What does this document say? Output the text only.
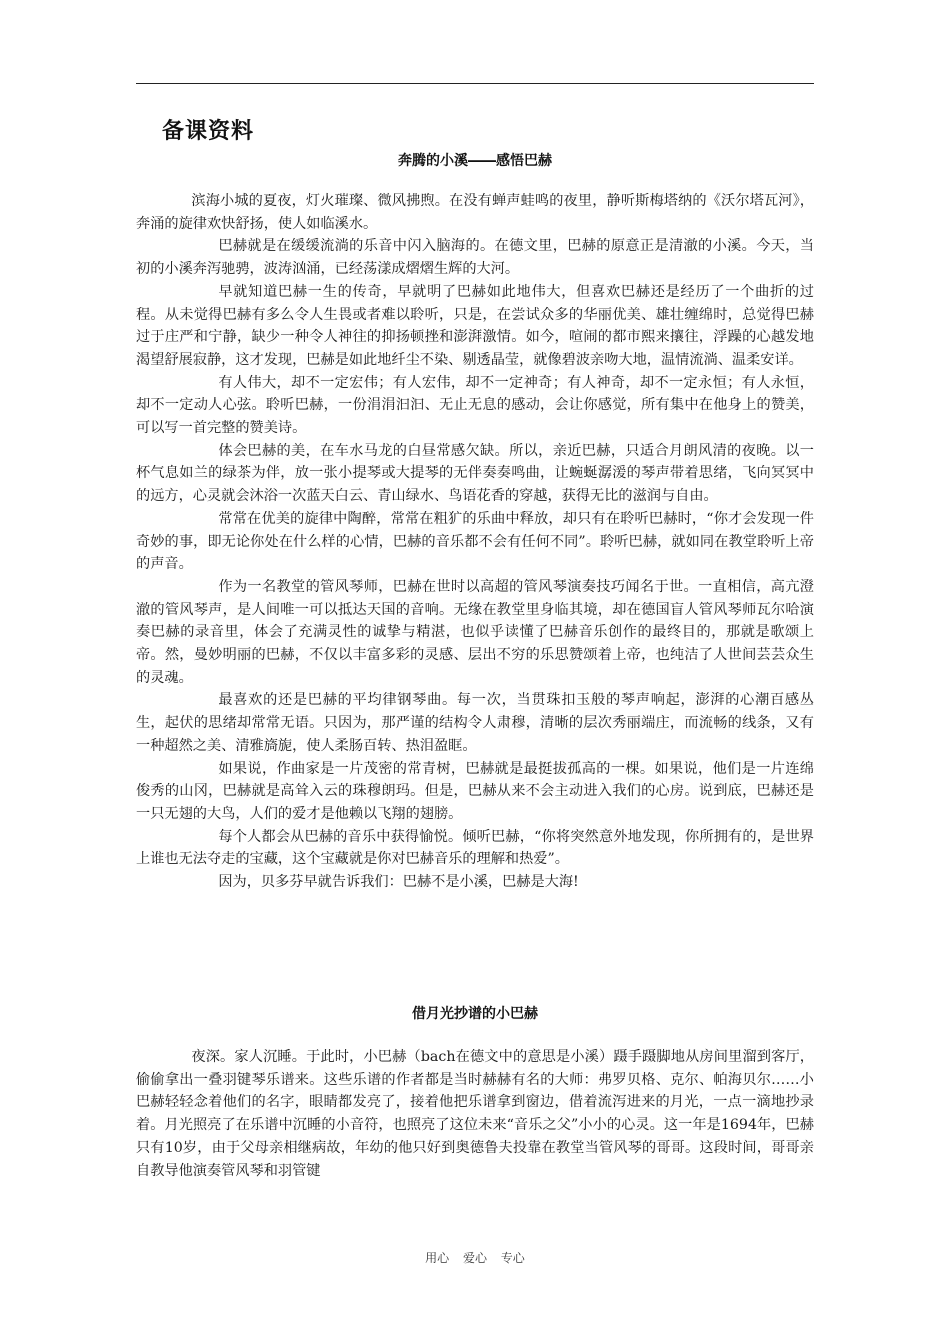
备课资料
奔腾的小溪――感悟巴赫

滨海小城的夏夜，灯火璀璨、微风拂煦。在没有蝉声蛙鸣的夜里，静听斯梅塔纳的《沃尔塔瓦河》，奔涌的旋律欢快舒扬，使人如临溪水。

巴赫就是在缓缓流淌的乐音中闪入脑海的。在德文里，巴赫的原意正是清澈的小溪。今天，当初的小溪奔泻驰骋，波涛汹涌，已经荡漾成熠熠生辉的大河。

早就知道巴赫一生的传奇，早就明了巴赫如此地伟大，但喜欢巴赫还是经历了一个曲折的过程。从未觉得巴赫有多么令人生畏或者难以聆听，只是，在尝试众多的华丽优美、雄壮缠绵时，总觉得巴赫过于庄严和宁静，缺少一种令人神往的抑扬顿挫和澎湃激情。如今，喧闹的都市熙来攘往，浮躁的心越发地渴望舒展寂静，这才发现，巴赫是如此地纤尘不染、剔透晶莹，就像碧波亲吻大地，温情流淌、温柔安详。

有人伟大，却不一定宏伟；有人宏伟，却不一定神奇；有人神奇，却不一定永恒；有人永恒，却不一定动人心弦。聆听巴赫，一份涓涓汩汩、无止无息的感动，会让你感觉，所有集中在他身上的赞美，可以写一首完整的赞美诗。

体会巴赫的美，在车水马龙的白昼常感欠缺。所以，亲近巴赫，只适合月朗风清的夜晚。以一杯气息如兰的绿茶为伴，放一张小提琴或大提琴的无伴奏奏鸣曲，让蜿蜒潺湲的琴声带着思绪，飞向冥冥中的远方，心灵就会沐浴一次蓝天白云、青山绿水、鸟语花香的穿越，获得无比的滋润与自由。

常常在优美的旋律中陶醉，常常在粗犷的乐曲中释放，却只有在聆听巴赫时，“你才会发现一件奇妙的事，即无论你处在什么样的心情，巴赫的音乐都不会有任何不同”。聆听巴赫，就如同在教堂聆听上帝的声音。

作为一名教堂的管风琴师，巴赫在世时以高超的管风琴演奏技巧闻名于世。一直相信，高亢澄澈的管风琴声，是人间唯一可以抵达天国的音响。无缘在教堂里身临其境，却在德国盲人管风琴师瓦尔哈演奏巴赫的录音里，体会了充满灵性的诚挚与精湛，也似乎读懂了巴赫音乐创作的最终目的，那就是歌颂上帝。然，曼妙明丽的巴赫，不仅以丰富多彩的灵感、层出不穷的乐思赞颂着上帝，也纯洁了人世间芸芸众生的灵魂。

最喜欢的还是巴赫的平均律钢琴曲。每一次，当贯珠扣玉般的琴声响起，澎湃的心潮百感丛生，起伏的思绪却常常无语。只因为，那严谨的结构令人肃穆，清晰的层次秀丽端庄，而流畅的线条，又有一种超然之美、清雅旖旎，使人柔肠百转、热泪盈眶。

如果说，作曲家是一片茂密的常青树，巴赫就是最挺拔孤高的一棵。如果说，他们是一片连绵俊秀的山冈，巴赫就是高耸入云的珠穆朗玛。但是，巴赫从来不会主动进入我们的心房。说到底，巴赫还是一只无翅的大鸟，人们的爱才是他赖以飞翔的翅膀。

每个人都会从巴赫的音乐中获得愉悦。倾听巴赫，“你将突然意外地发现，你所拥有的，是世界上谁也无法夺走的宝藏，这个宝藏就是你对巴赫音乐的理解和热爱”。

因为，贝多芬早就告诉我们：巴赫不是小溪，巴赫是大海!

借月光抄谱的小巴赫

夜深。家人沉睡。于此时，小巴赫（bach在德文中的意思是小溪）蹑手蹑脚地从房间里溜到客厅，偷偷拿出一叠羽键琴乐谱来。这些乐谱的作者都是当时赫赫有名的大师：弗罗贝格、克尔、帕海贝尔……小巴赫轻轻念着他们的名字，眼睛都发亮了，接着他把乐谱拿到窗边，借着流泻进来的月光，一点一滴地抄录着。月光照亮了在乐谱中沉睡的小音符，也照亮了这位未来“音乐之父”小小的心灵。这一年是1694年，巴赫只有10岁，由于父母亲相继病故，年幼的他只好到奥德鲁夫投靠在教堂当管风琴的哥哥。这段时间，哥哥亲自教导他演奏管风琴和羽管键

用心 爱心 专心
